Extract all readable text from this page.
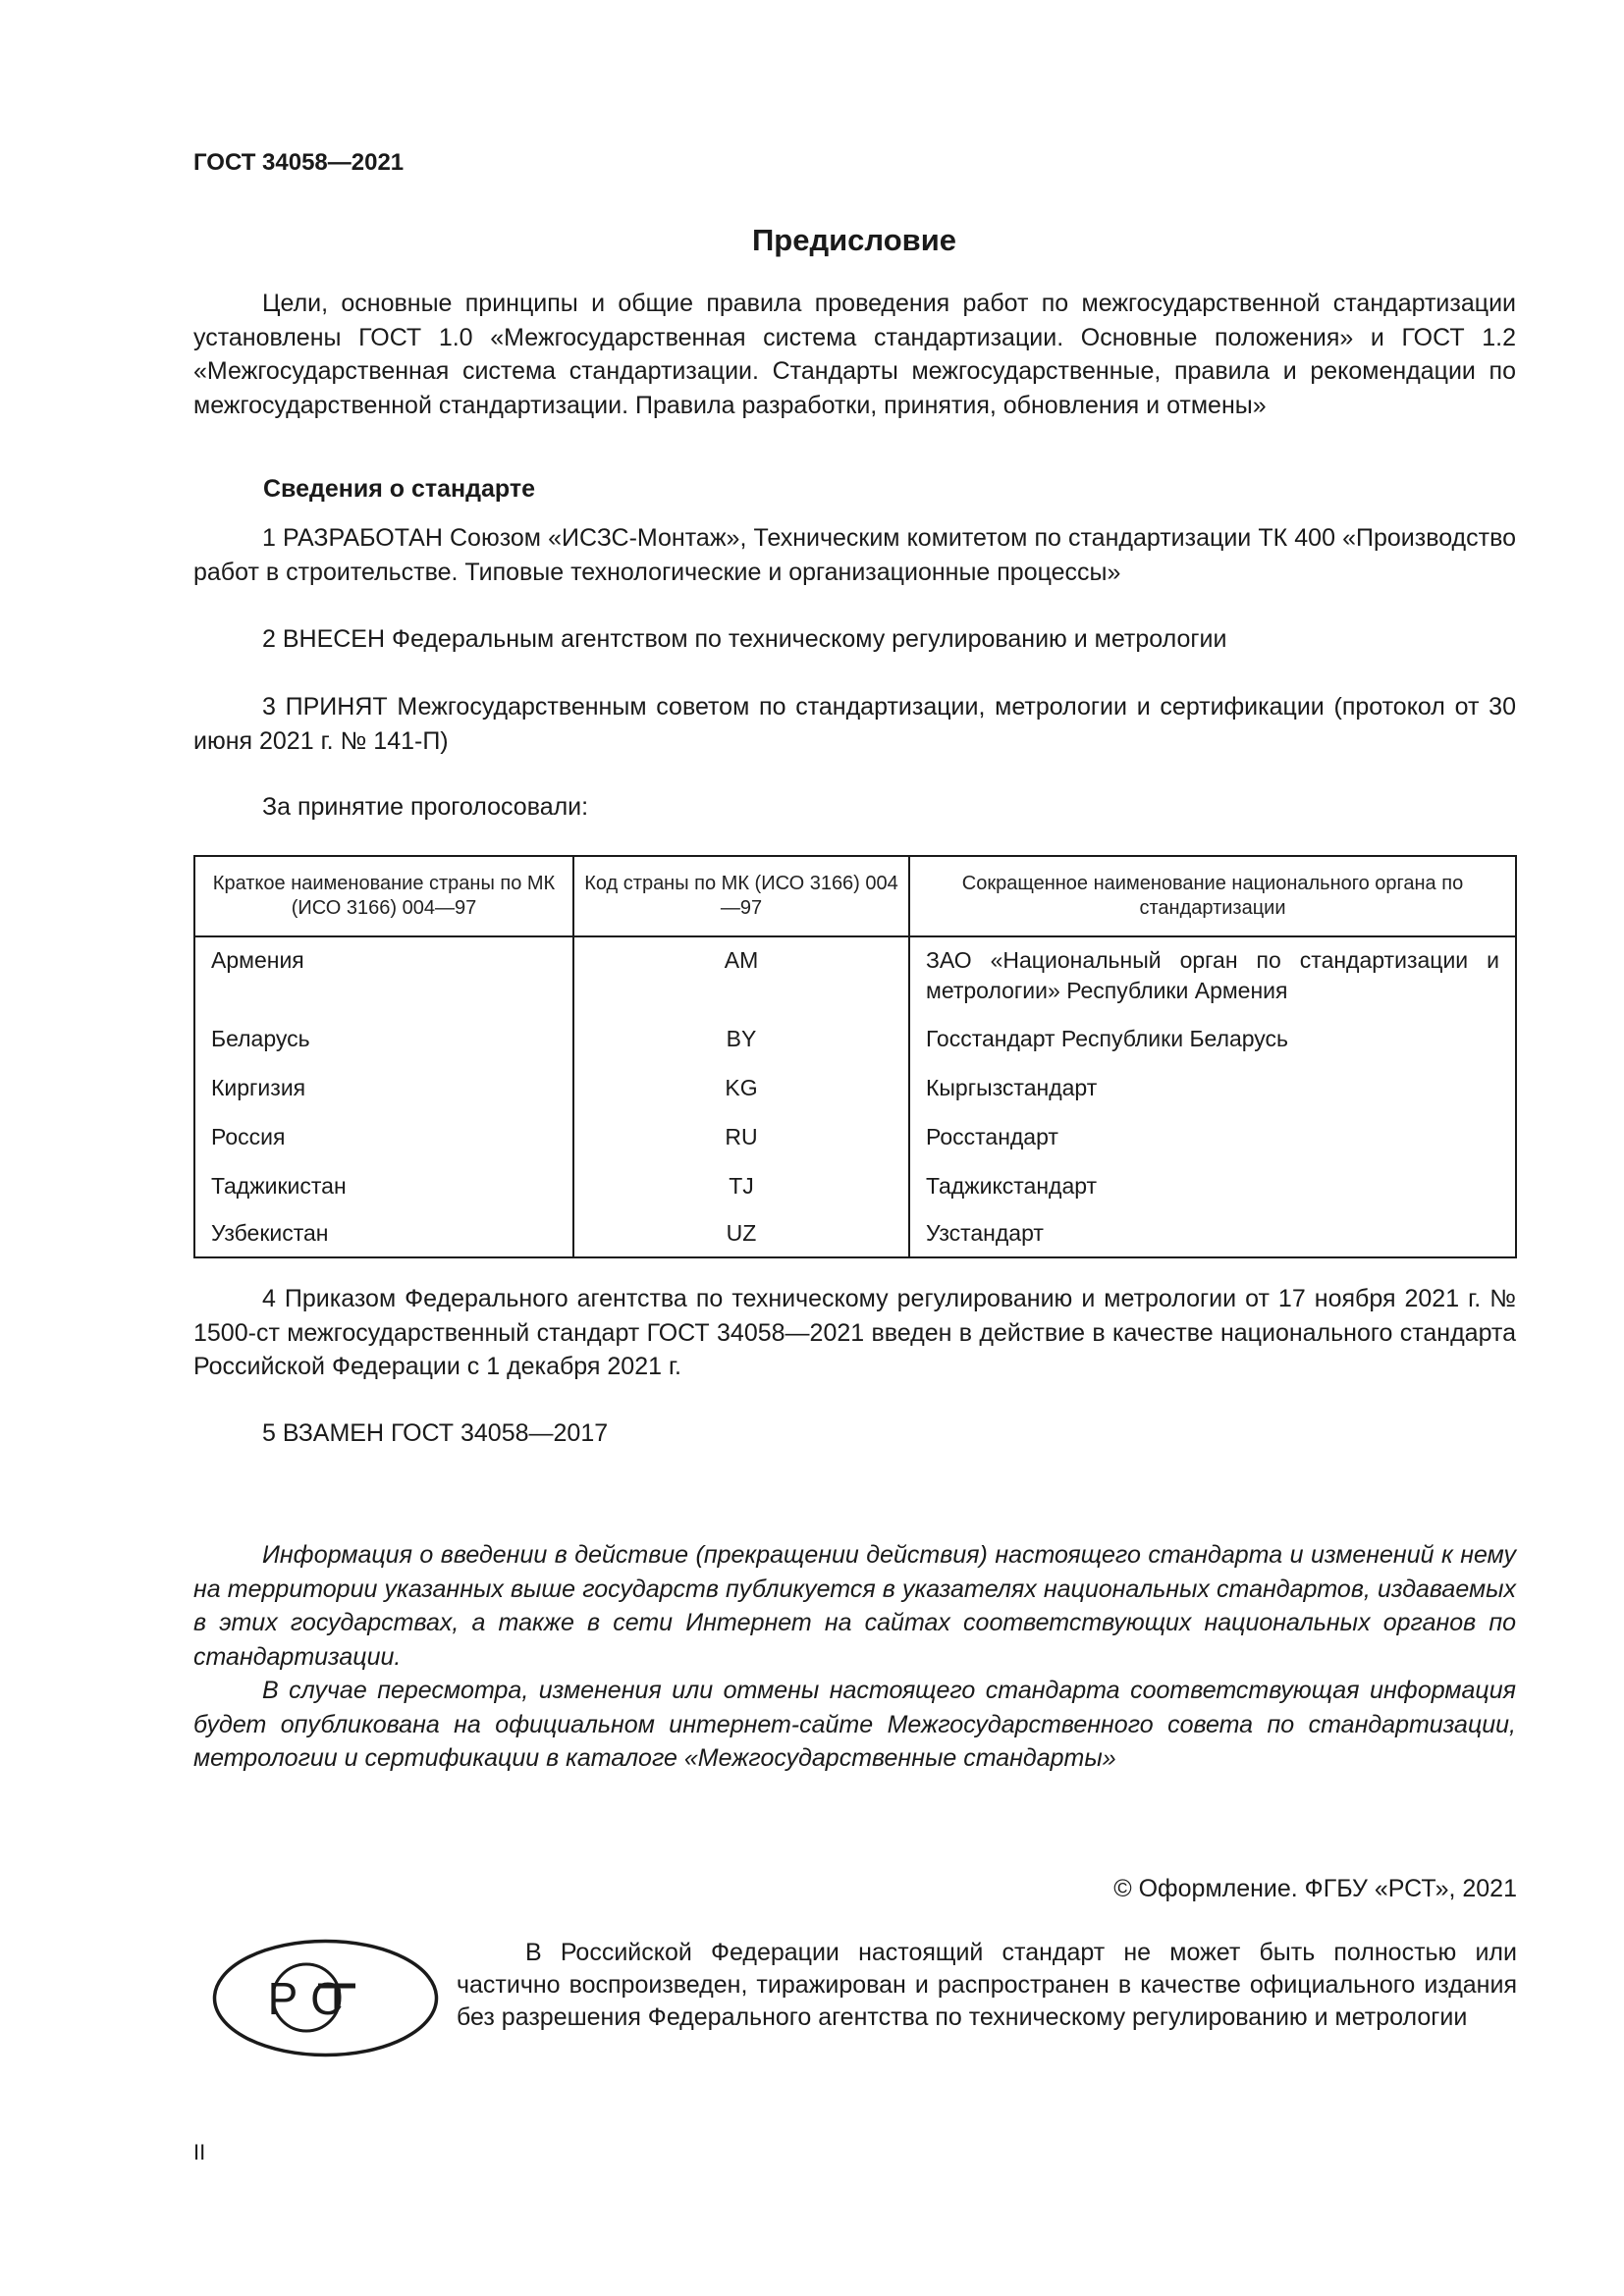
ГОСТ 34058—2021
Предисловие

Цели, основные принципы и общие правила проведения работ по межгосударственной стандартизации установлены ГОСТ 1.0 «Межгосударственная система стандартизации. Основные положения» и ГОСТ 1.2 «Межгосударственная система стандартизации. Стандарты межгосударственные, правила и рекомендации по межгосударственной стандартизации. Правила разработки, принятия, обновления и отмены»

Сведения о стандарте

1 РАЗРАБОТАН Союзом «ИСЗС-Монтаж», Техническим комитетом по стандартизации ТК 400 «Производство работ в строительстве. Типовые технологические и организационные процессы»

2 ВНЕСЕН Федеральным агентством по техническому регулированию и метрологии

3 ПРИНЯТ Межгосударственным советом по стандартизации, метрологии и сертификации (протокол от 30 июня 2021 г. № 141-П)

За принятие проголосовали:

Краткое наименование страны по МК (ИСО 3166) 004—97	Код страны по МК (ИСО 3166) 004—97	Сокращенное наименование национального органа по стандартизации
Армения	AM	ЗАО «Национальный орган по стандартизации и метрологии» Республики Армения
Беларусь	BY	Госстандарт Республики Беларусь
Киргизия	KG	Кыргызстандарт
Россия	RU	Росстандарт
Таджикистан	TJ	Таджикстандарт
Узбекистан	UZ	Узстандарт

4 Приказом Федерального агентства по техническому регулированию и метрологии от 17 ноября 2021 г. № 1500-ст межгосударственный стандарт ГОСТ 34058—2021 введен в действие в качестве национального стандарта Российской Федерации с 1 декабря 2021 г.

5 ВЗАМЕН ГОСТ 34058—2017

Информация о введении в действие (прекращении действия) настоящего стандарта и изменений к нему на территории указанных выше государств публикуется в указателях национальных стандартов, издаваемых в этих государствах, а также в сети Интернет на сайтах соответствующих национальных органов по стандартизации.

В случае пересмотра, изменения или отмены настоящего стандарта соответствующая информация будет опубликована на официальном интернет-сайте Межгосударственного совета по стандартизации, метрологии и сертификации в каталоге «Межгосударственные стандарты»

© Оформление. ФГБУ «РСТ», 2021
Р С

В Российской Федерации настоящий стандарт не может быть полностью или частично воспроизведен, тиражирован и распространен в качестве официального издания без разрешения Федерального агентства по техническому регулированию и метрологии

II
